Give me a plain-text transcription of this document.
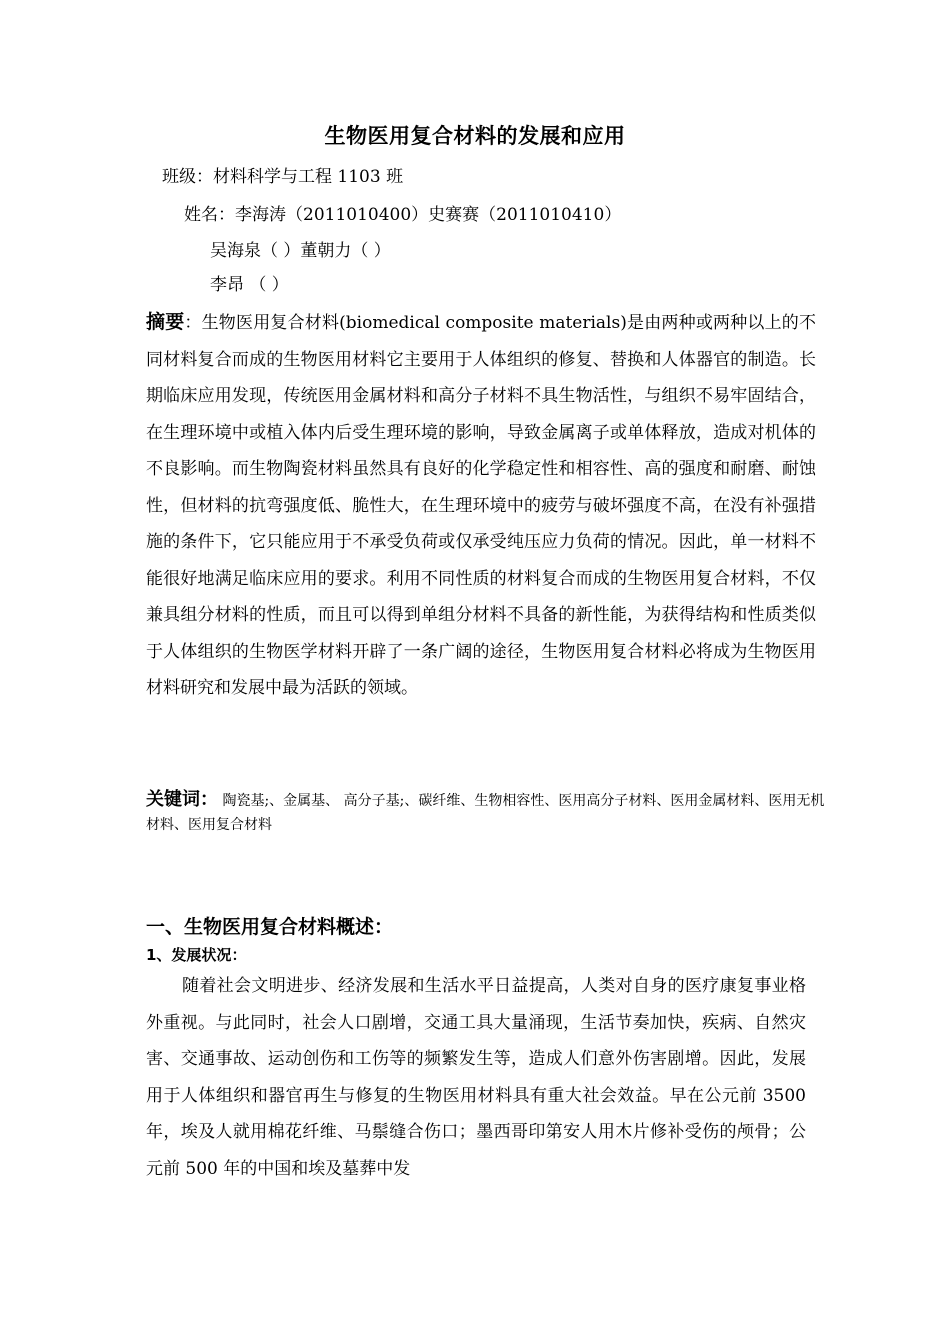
生物医用复合材料的发展和应用
班级：材料科学与工程 1103 班
姓名：李海涛（2011010400）史赛赛（2011010410）
吴海泉（ ）董朝力（ ）
李昂 （ ）
摘要：生物医用复合材料(biomedical composite materials)是由两种或两种以上的不同材料复合而成的生物医用材料它主要用于人体组织的修复、替换和人体器官的制造。长期临床应用发现，传统医用金属材料和高分子材料不具生物活性，与组织不易牢固结合，在生理环境中或植入体内后受生理环境的影响，导致金属离子或单体释放，造成对机体的不良影响。而生物陶瓷材料虽然具有良好的化学稳定性和相容性、高的强度和耐磨、耐蚀性，但材料的抗弯强度低、脆性大，在生理环境中的疲劳与破坏强度不高，在没有补强措施的条件下，它只能应用于不承受负荷或仅承受纯压应力负荷的情况。因此，单一材料不能很好地满足临床应用的要求。利用不同性质的材料复合而成的生物医用复合材料，不仅兼具组分材料的性质，而且可以得到单组分材料不具备的新性能，为获得结构和性质类似于人体组织的生物医学材料开辟了一条广阔的途径，生物医用复合材料必将成为生物医用材料研究和发展中最为活跃的领域。
关键词： 陶瓷基;、金属基、 高分子基;、碳纤维、生物相容性、医用高分子材料、医用金属材料、医用无机材料、医用复合材料
一、生物医用复合材料概述：
1、发展状况：
随着社会文明进步、经济发展和生活水平日益提高，人类对自身的医疗康复事业格外重视。与此同时，社会人口剧增，交通工具大量涌现，生活节奏加快，疾病、自然灾害、交通事故、运动创伤和工伤等的频繁发生等，造成人们意外伤害剧增。因此，发展用于人体组织和器官再生与修复的生物医用材料具有重大社会效益。早在公元前 3500 年，埃及人就用棉花纤维、马鬃缝合伤口；墨西哥印第安人用木片修补受伤的颅骨；公元前 500 年的中国和埃及墓葬中发
